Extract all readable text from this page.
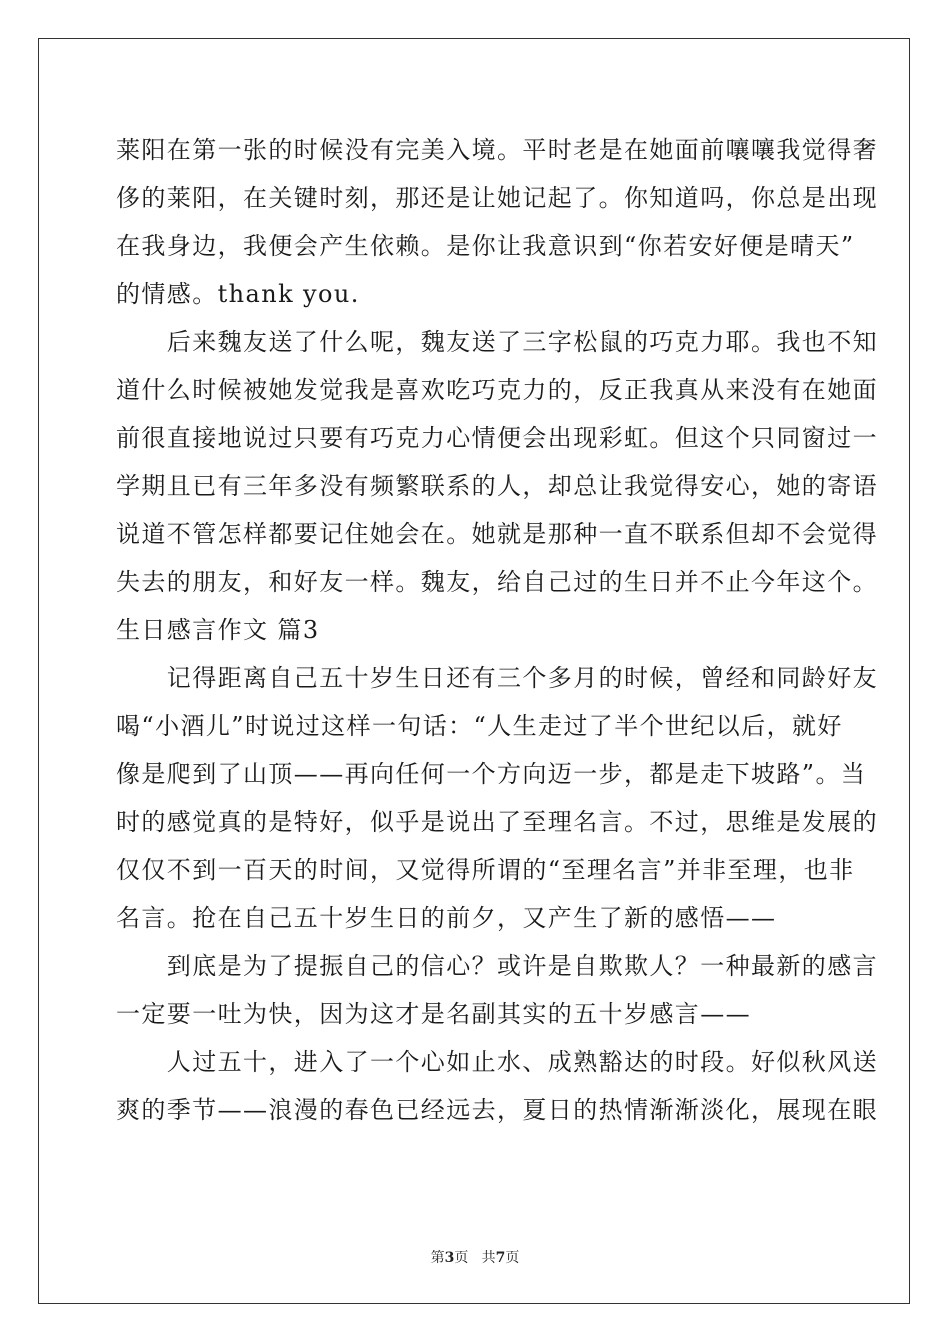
莱阳在第一张的时候没有完美入境。平时老是在她面前嚷嚷我觉得奢
侈的莱阳，在关键时刻，那还是让她记起了。你知道吗，你总是出现
在我身边，我便会产生依赖。是你让我意识到“你若安好便是晴天”
的情感。thank you.
　　后来魏友送了什么呢，魏友送了三字松鼠的巧克力耶。我也不知
道什么时候被她发觉我是喜欢吃巧克力的，反正我真从来没有在她面
前很直接地说过只要有巧克力心情便会出现彩虹。但这个只同窗过一
学期且已有三年多没有频繁联系的人，却总让我觉得安心，她的寄语
说道不管怎样都要记住她会在。她就是那种一直不联系但却不会觉得
失去的朋友，和好友一样。魏友，给自己过的生日并不止今年这个。
生日感言作文 篇3
　　记得距离自己五十岁生日还有三个多月的时候，曾经和同龄好友
喝“小酒儿”时说过这样一句话：“人生走过了半个世纪以后，就好
像是爬到了山顶——再向任何一个方向迈一步，都是走下坡路”。当
时的感觉真的是特好，似乎是说出了至理名言。不过，思维是发展的
仅仅不到一百天的时间，又觉得所谓的“至理名言”并非至理，也非
名言。抢在自己五十岁生日的前夕，又产生了新的感悟——
　　到底是为了提振自己的信心？或许是自欺欺人？一种最新的感言
一定要一吐为快，因为这才是名副其实的五十岁感言——
　　人过五十，进入了一个心如止水、成熟豁达的时段。好似秋风送
爽的季节——浪漫的春色已经远去，夏日的热情渐渐淡化，展现在眼
第3页 共7页
